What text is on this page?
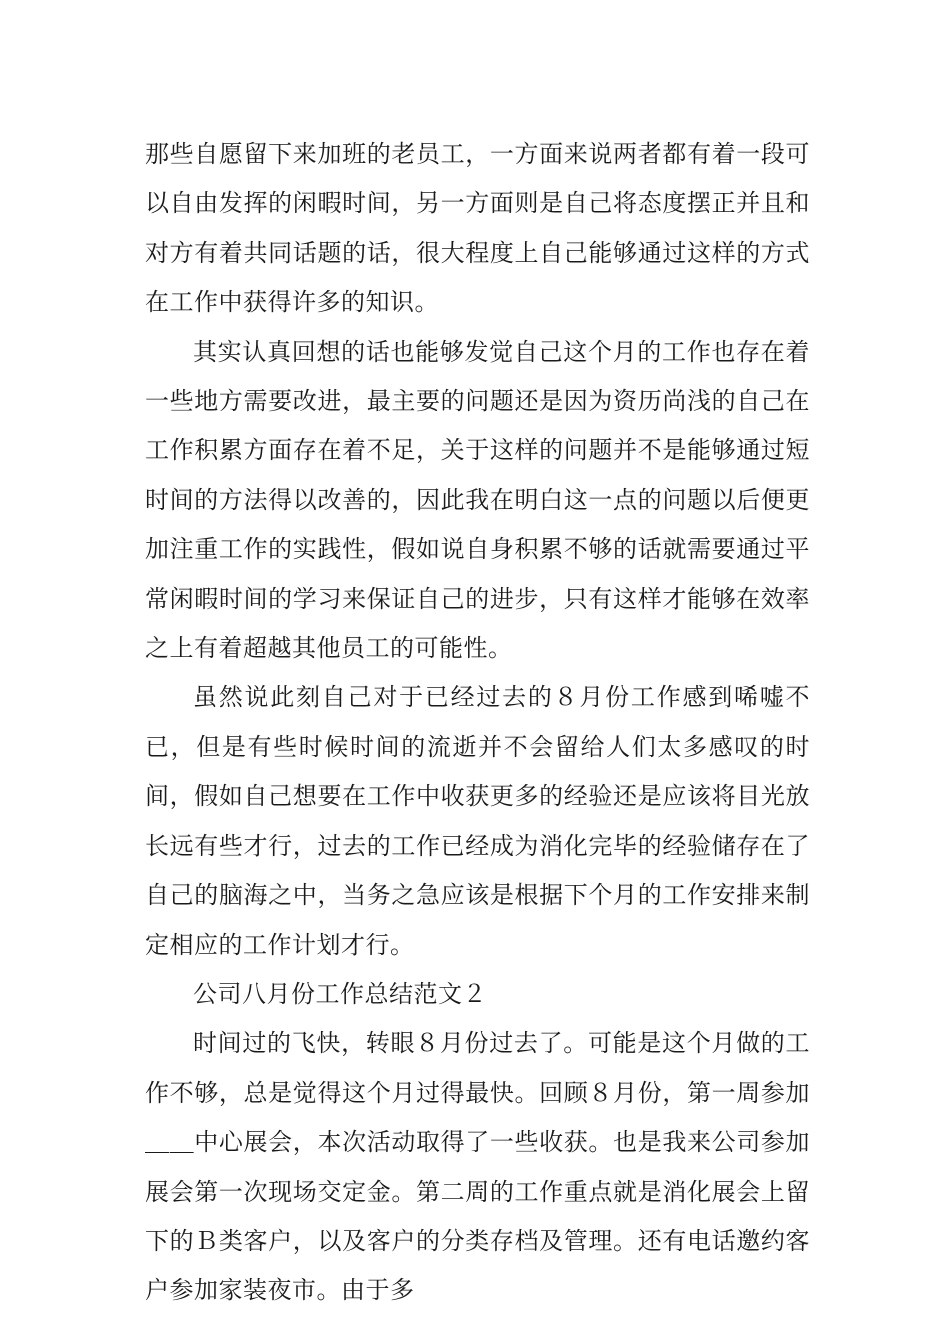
那些自愿留下来加班的老员工，一方面来说两者都有着一段可以自由发挥的闲暇时间，另一方面则是自己将态度摆正并且和对方有着共同话题的话，很大程度上自己能够通过这样的方式在工作中获得许多的知识。

其实认真回想的话也能够发觉自己这个月的工作也存在着一些地方需要改进，最主要的问题还是因为资历尚浅的自己在工作积累方面存在着不足，关于这样的问题并不是能够通过短时间的方法得以改善的，因此我在明白这一点的问题以后便更加注重工作的实践性，假如说自身积累不够的话就需要通过平常闲暇时间的学习来保证自己的进步，只有这样才能够在效率之上有着超越其他员工的可能性。

虽然说此刻自己对于已经过去的８月份工作感到唏嘘不已，但是有些时候时间的流逝并不会留给人们太多感叹的时间，假如自己想要在工作中收获更多的经验还是应该将目光放长远有些才行，过去的工作已经成为消化完毕的经验储存在了自己的脑海之中，当务之急应该是根据下个月的工作安排来制定相应的工作计划才行。

公司八月份工作总结范文２

时间过的飞快，转眼８月份过去了。可能是这个月做的工作不够，总是觉得这个月过得最快。回顾８月份，第一周参加＿＿中心展会，本次活动取得了一些收获。也是我来公司参加展会第一次现场交定金。第二周的工作重点就是消化展会上留下的Ｂ类客户，以及客户的分类存档及管理。还有电话邀约客户参加家装夜市。由于多
